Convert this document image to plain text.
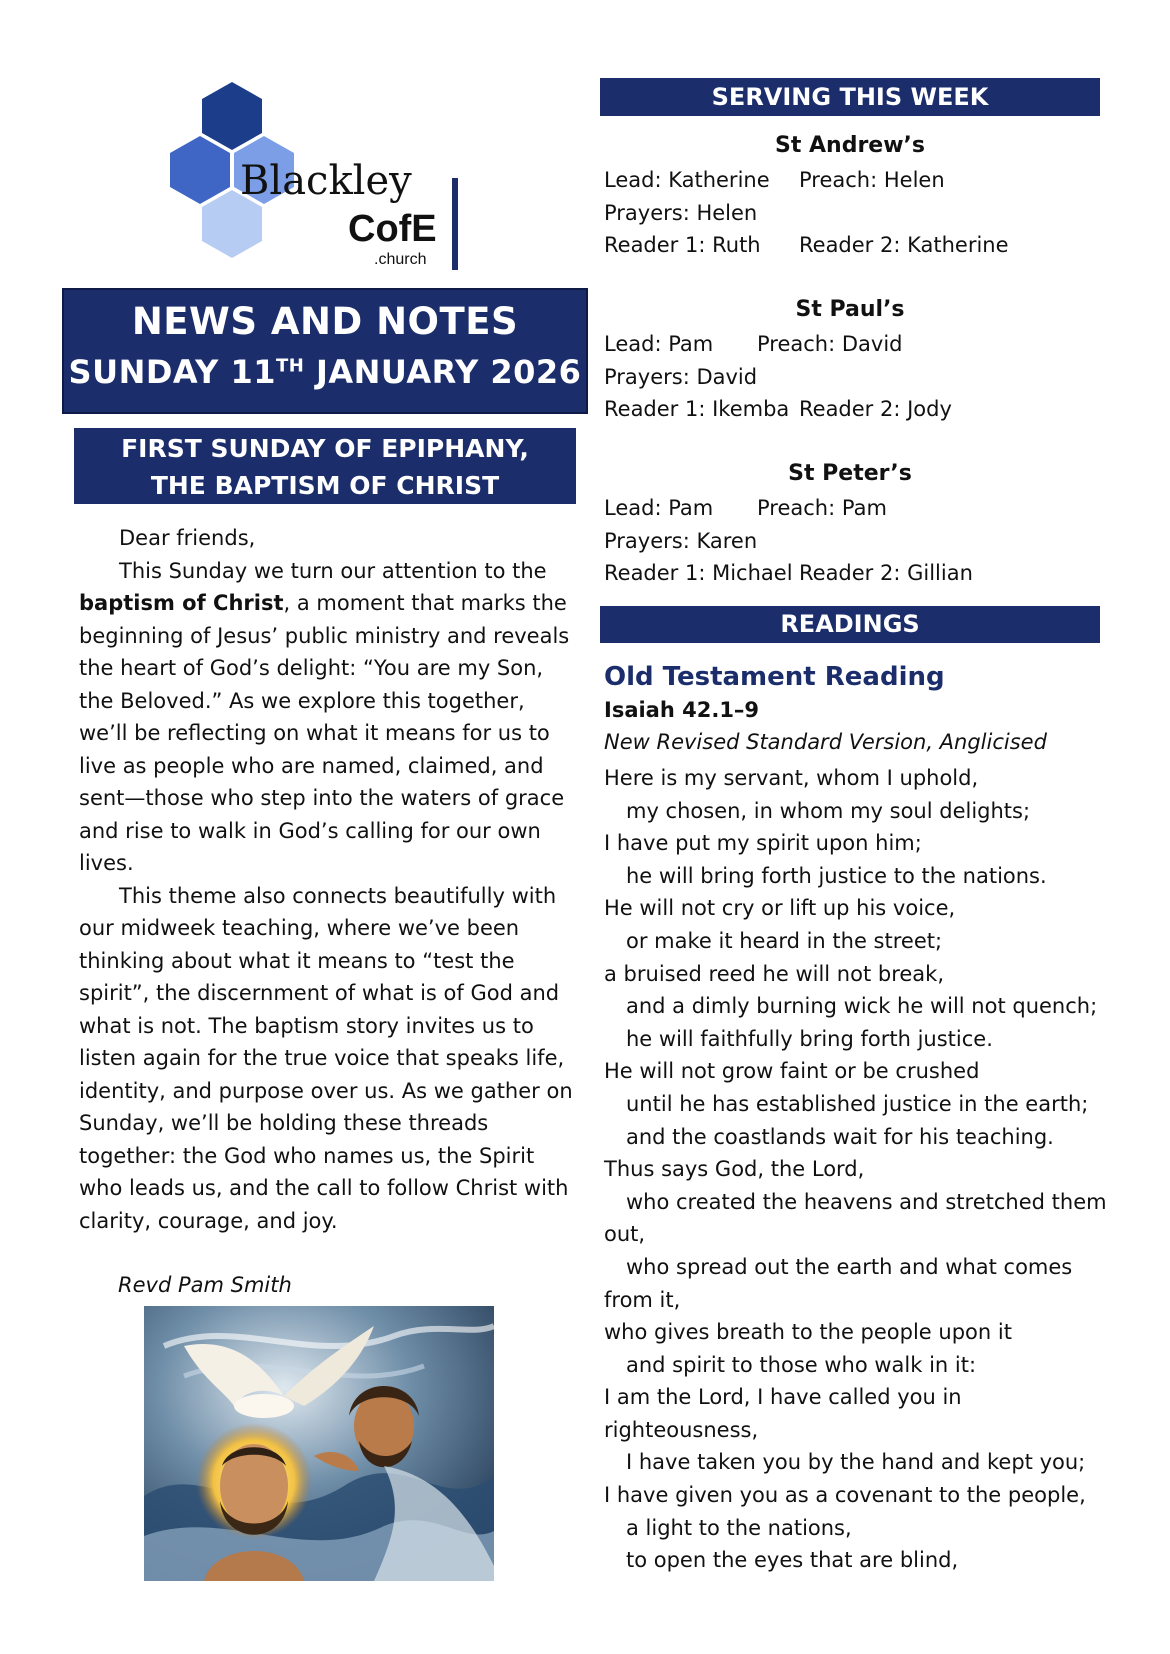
Blackley
CofE
.church
NEWS AND NOTES
SUNDAY 11TH JANUARY 2026
FIRST SUNDAY OF EPIPHANY,
THE BAPTISM OF CHRIST

Dear friends,

This Sunday we turn our attention to the baptism of Christ, a moment that marks the beginning of Jesus’ public ministry and reveals the heart of God’s delight: “You are my Son, the Beloved.” As we explore this together, we’ll be reflecting on what it means for us to live as people who are named, claimed, and sent—those who step into the waters of grace and rise to walk in God’s calling for our own lives.

This theme also connects beautifully with our midweek teaching, where we’ve been thinking about what it means to “test the spirit”, the discernment of what is of God and what is not. The baptism story invites us to listen again for the true voice that speaks life, identity, and purpose over us. As we gather on Sunday, we’ll be holding these threads together: the God who names us, the Spirit who leads us, and the call to follow Christ with clarity, courage, and joy.

Revd Pam Smith
SERVING THIS WEEK
St Andrew’s
Lead: Katherine Preach: Helen
Prayers: Helen
Reader 1: Ruth Reader 2: Katherine
St Paul’s
Lead: Pam Preach: David
Prayers: David
Reader 1: Ikemba Reader 2: Jody
St Peter’s
Lead: Pam Preach: Pam
Prayers: Karen
Reader 1: Michael Reader 2: Gillian
READINGS
Old Testament Reading
Isaiah 42.1–9
New Revised Standard Version, Anglicised
Here is my servant, whom I uphold,
my chosen, in whom my soul delights;
I have put my spirit upon him;
he will bring forth justice to the nations.
He will not cry or lift up his voice,
or make it heard in the street;
a bruised reed he will not break,
and a dimly burning wick he will not quench;
he will faithfully bring forth justice.
He will not grow faint or be crushed
until he has established justice in the earth;
and the coastlands wait for his teaching.
Thus says God, the Lord,
who created the heavens and stretched them
out,
who spread out the earth and what comes
from it,
who gives breath to the people upon it
and spirit to those who walk in it:
I am the Lord, I have called you in
righteousness,
I have taken you by the hand and kept you;
I have given you as a covenant to the people,
a light to the nations,
to open the eyes that are blind,
